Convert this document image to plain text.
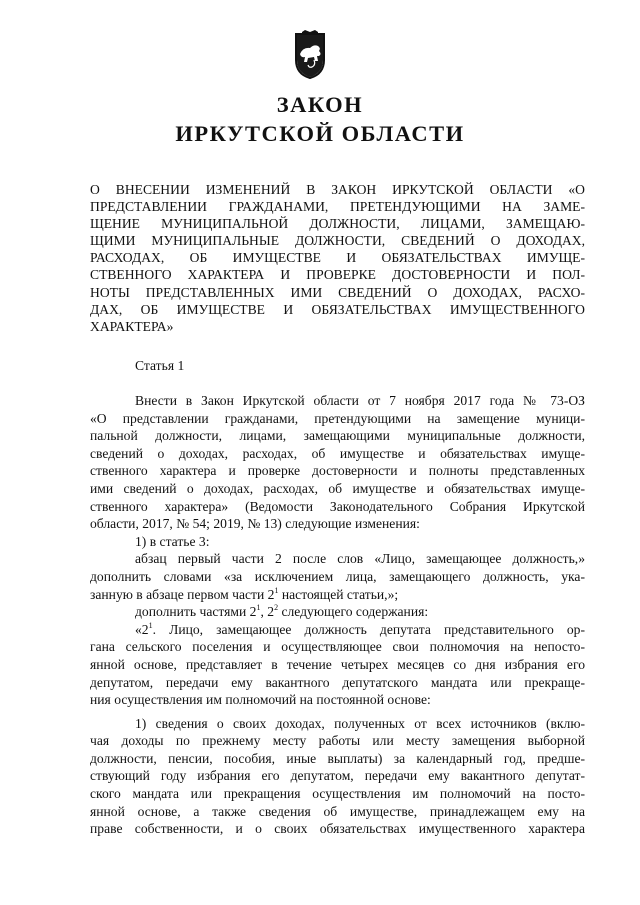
ЗАКОН
ИРКУТСКОЙ ОБЛАСТИ
О ВНЕСЕНИИ ИЗМЕНЕНИЙ В ЗАКОН ИРКУТСКОЙ ОБЛАСТИ «О
ПРЕДСТАВЛЕНИИ ГРАЖДАНАМИ, ПРЕТЕНДУЮЩИМИ НА ЗАМЕ-
ЩЕНИЕ МУНИЦИПАЛЬНОЙ ДОЛЖНОСТИ, ЛИЦАМИ, ЗАМЕЩАЮ-
ЩИМИ МУНИЦИПАЛЬНЫЕ ДОЛЖНОСТИ, СВЕДЕНИЙ О ДОХОДАХ,
РАСХОДАХ, ОБ ИМУЩЕСТВЕ И ОБЯЗАТЕЛЬСТВАХ ИМУЩЕ-
СТВЕННОГО ХАРАКТЕРА И ПРОВЕРКЕ ДОСТОВЕРНОСТИ И ПОЛ-
НОТЫ ПРЕДСТАВЛЕННЫХ ИМИ СВЕДЕНИЙ О ДОХОДАХ, РАСХО-
ДАХ, ОБ ИМУЩЕСТВЕ И ОБЯЗАТЕЛЬСТВАХ ИМУЩЕСТВЕННОГО
ХАРАКТЕРА»
Статья 1
Внести в Закон Иркутской области от 7 ноября 2017 года № 73-ОЗ
«О представлении гражданами, претендующими на замещение муници-
пальной должности, лицами, замещающими муниципальные должности,
сведений о доходах, расходах, об имуществе и обязательствах имуще-
ственного характера и проверке достоверности и полноты представленных
ими сведений о доходах, расходах, об имуществе и обязательствах имуще-
ственного характера» (Ведомости Законодательного Собрания Иркутской
области, 2017, № 54; 2019, № 13) следующие изменения:
1) в статье 3:
абзац первый части 2 после слов «Лицо, замещающее должность,»
дополнить словами «за исключением лица, замещающего должность, ука-
занную в абзаце первом части $2^1$ настоящей статьи,»;
дополнить частями $2^1$, $2^2$ следующего содержания:
«$2^1$. Лицо, замещающее должность депутата представительного ор-
гана сельского поселения и осуществляющее свои полномочия на непосто-
янной основе, представляет в течение четырех месяцев со дня избрания его
депутатом, передачи ему вакантного депутатского мандата или прекраще-
ния осуществления им полномочий на постоянной основе:
1) сведения о своих доходах, полученных от всех источников (вклю-
чая доходы по прежнему месту работы или месту замещения выборной
должности, пенсии, пособия, иные выплаты) за календарный год, предше-
ствующий году избрания его депутатом, передачи ему вакантного депутат-
ского мандата или прекращения осуществления им полномочий на посто-
янной основе, а также сведения об имуществе, принадлежащем ему на
праве собственности, и о своих обязательствах имущественного характера
